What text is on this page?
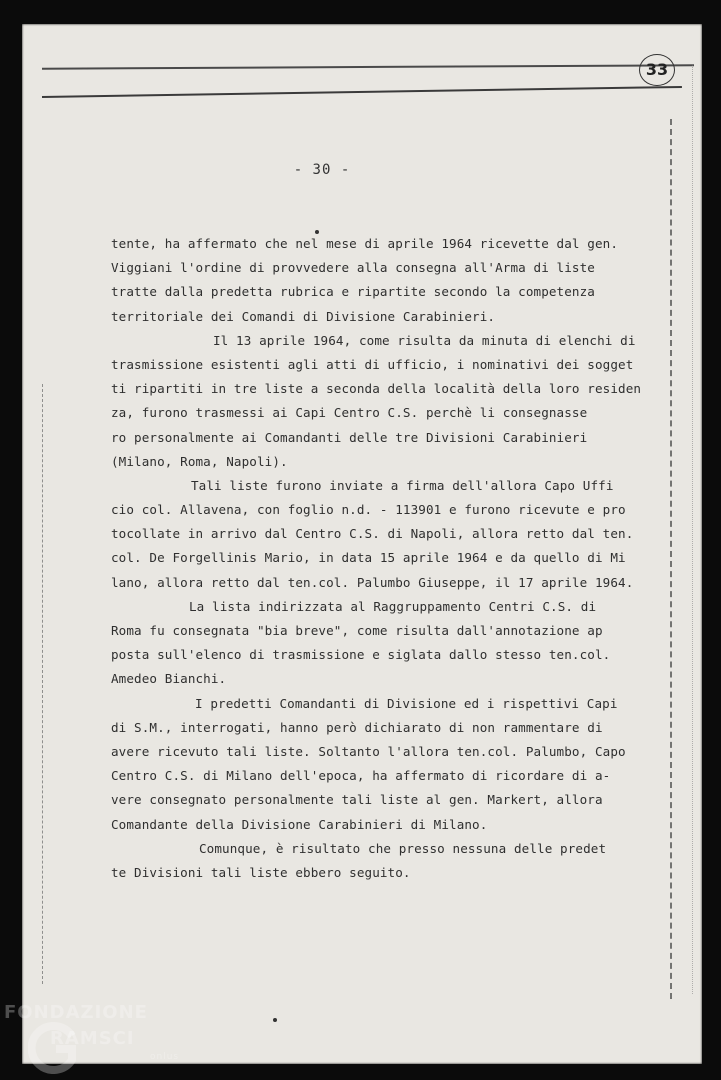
33
- 30 -
tente, ha affermato che nel mese di aprile 1964 ricevette dal gen.
Viggiani l'ordine di provvedere alla consegna all'Arma di liste
tratte dalla predetta rubrica e ripartite secondo la competenza
territoriale dei Comandi di Divisione Carabinieri.
Il 13 aprile 1964, come risulta da minuta di elenchi di
trasmissione esistenti agli atti di ufficio, i nominativi dei sogget
ti ripartiti in tre liste a seconda della località della loro residen
za, furono trasmessi ai Capi Centro C.S. perchè li consegnasse
ro personalmente ai Comandanti delle tre Divisioni Carabinieri
(Milano, Roma, Napoli).
Tali liste furono inviate a firma dell'allora Capo Uffi
cio col. Allavena, con foglio n.d. - 113901 e furono ricevute e pro
tocollate in arrivo dal Centro C.S. di Napoli, allora retto dal ten.
col. De Forgellinis Mario, in data 15 aprile 1964 e da quello di Mi
lano, allora retto dal ten.col. Palumbo Giuseppe, il 17 aprile 1964.
La lista indirizzata al Raggruppamento Centri C.S. di
Roma fu consegnata "bia breve", come risulta dall'annotazione ap
posta sull'elenco di trasmissione e siglata dallo stesso ten.col.
Amedeo Bianchi.
I predetti Comandanti di Divisione ed i rispettivi Capi
di S.M., interrogati, hanno però dichiarato di non rammentare di
avere ricevuto tali liste. Soltanto l'allora ten.col. Palumbo, Capo
Centro C.S. di Milano dell'epoca, ha affermato di ricordare di a-
vere consegnato personalmente tali liste al gen. Markert, allora
Comandante della Divisione Carabinieri di Milano.
Comunque, è risultato che presso nessuna delle predet
te Divisioni tali liste ebbero seguito.
FONDAZIONE
RAMSCI
onlus
